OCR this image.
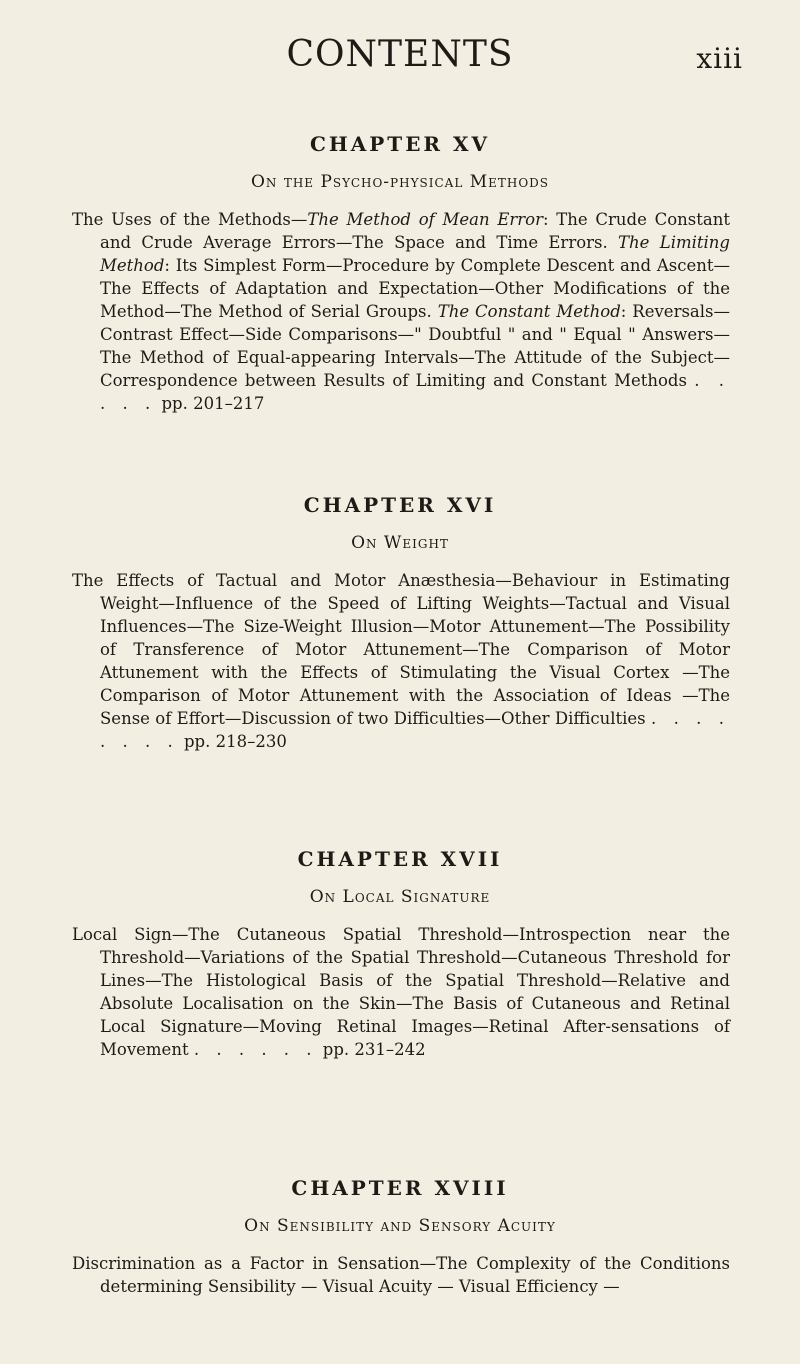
CONTENTS	xiii
CHAPTER XV
On the Psycho-physical Methods

The Uses of the Methods—The Method of Mean Error: The Crude Constant and Crude Average Errors—The Space and Time Errors. The Limiting Method: Its Simplest Form—Procedure by Complete Descent and Ascent—The Effects of Adaptation and Expectation—Other Modifications of the Method—The Method of Serial Groups. The Constant Method: Reversals—Contrast Effect—Side Comparisons—" Doubtful " and " Equal " Answers—The Method of Equal-appearing Intervals—The Attitude of the Subject—Correspondence between Results of Limiting and Constant Methods . . . . . pp. 201–217

CHAPTER XVI
On Weight

The Effects of Tactual and Motor Anæsthesia—Behaviour in Estimating Weight—Influence of the Speed of Lifting Weights—Tactual and Visual Influences—The Size-Weight Illusion—Motor Attunement—The Possibility of Transference of Motor Attunement—The Comparison of Motor Attunement with the Effects of Stimulating the Visual Cortex —The Comparison of Motor Attunement with the Association of Ideas —The Sense of Effort—Discussion of two Difficulties—Other Difficulties . . . . . . . . pp. 218–230

CHAPTER XVII
On Local Signature

Local Sign—The Cutaneous Spatial Threshold—Introspection near the Threshold—Variations of the Spatial Threshold—Cutaneous Threshold for Lines—The Histological Basis of the Spatial Threshold—Relative and Absolute Localisation on the Skin—The Basis of Cutaneous and Retinal Local Signature—Moving Retinal Images—Retinal After-sensations of Movement . . . . . . pp. 231–242

CHAPTER XVIII
On Sensibility and Sensory Acuity

Discrimination as a Factor in Sensation—The Complexity of the Conditions determining Sensibility — Visual Acuity — Visual Efficiency —
